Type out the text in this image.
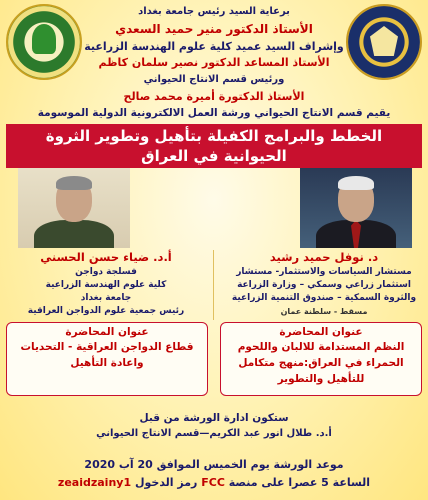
برعاية السيد رئيس جامعة بغداد
الأستاذ الدكتور منير حميد السعدي
وإشراف السيد عميد كلية علوم الهندسة الزراعية
الأستاذ المساعد الدكتور نصير سلمان كاظم
ورئيس قسم الانتاج الحيواني
الأستاذ الدكتورة أميرة محمد صالح
يقيم قسم الانتاج الحيواني ورشة العمل الالكترونية الدولية الموسومة
الخطط والبرامج الكفيلة بتأهيل وتطوير الثروة
الحيوانية في العراق
د. نوفل حميد رشيد
مستشار السياسات والاستثمار- مستشار
استثمار زراعي وسمكي – وزارة الزراعة
والثروة السمكية – صندوق التنمية الزراعية
مسقط - سلطنة عمان
أ.د. ضياء حسن الحسني
فسلجة دواجن
كلية علوم الهندسة الزراعية
جامعة بغداد
رئيس جمعية علوم الدواجن العراقية
عنوان المحاضرة
النظم المستدامة للالبان واللحوم
الحمراء في العراق:منهج متكامل
للتأهيل والتطوير
عنوان المحاضرة
قطاع الدواجن العراقية - التحديات
واعادة التأهيل
ستكون ادارة الورشة من قبل
أ.د. طلال انور عبد الكريم—قسم الانتاج الحيواني
موعد الورشة يوم الخميس الموافق 20 آب 2020
الساعة 5 عصرا على منصة FCC رمز الدخول zeaidzainy1
